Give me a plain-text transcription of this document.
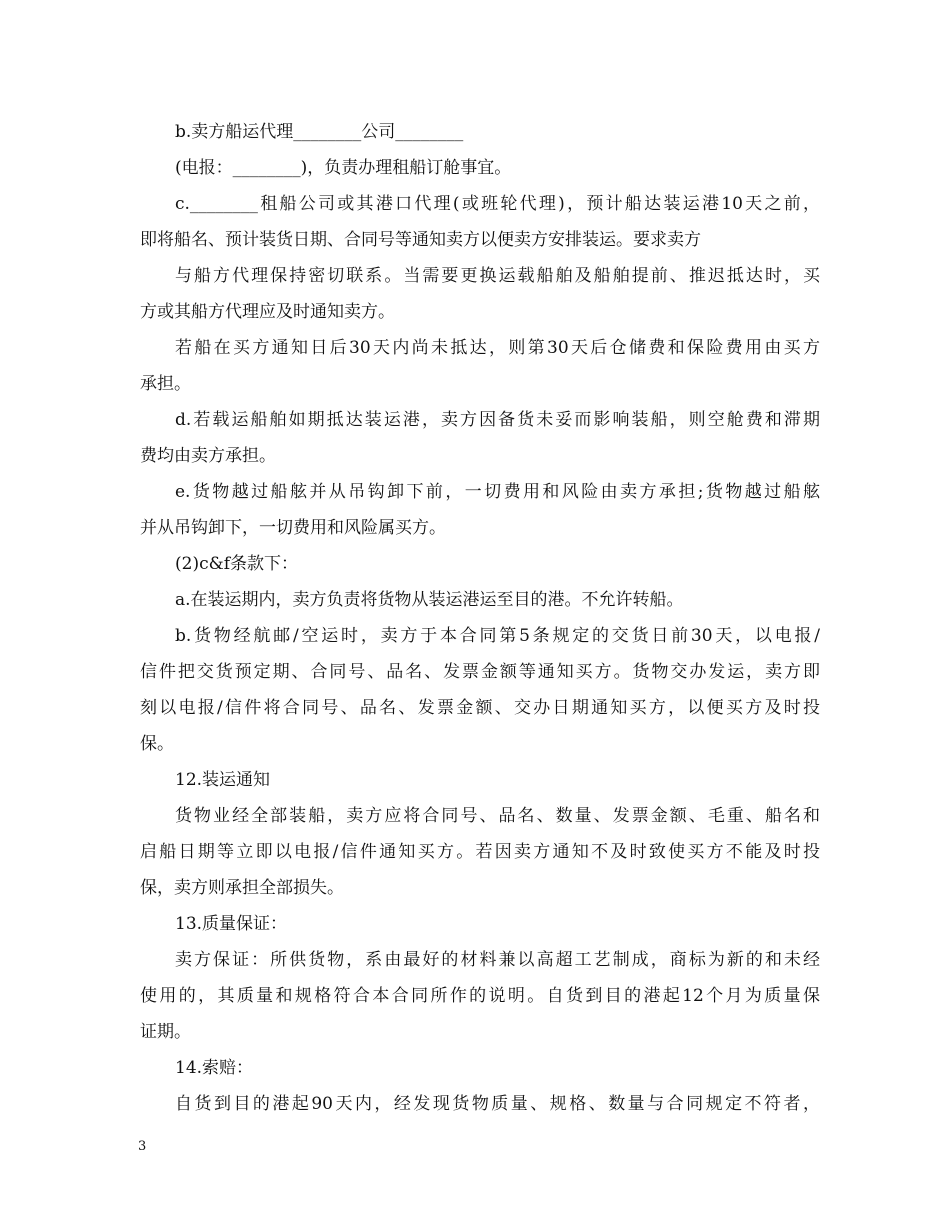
b.卖方船运代理________公司________
(电报：________)，负责办理租船订舱事宜。
c.________租船公司或其港口代理(或班轮代理)，预计船达装运港10天之前，
即将船名、预计装货日期、合同号等通知卖方以便卖方安排装运。要求卖方
与船方代理保持密切联系。当需要更换运载船舶及船舶提前、推迟抵达时，买
方或其船方代理应及时通知卖方。
若船在买方通知日后30天内尚未抵达，则第30天后仓储费和保险费用由买方
承担。
d.若载运船舶如期抵达装运港，卖方因备货未妥而影响装船，则空舱费和滞期
费均由卖方承担。
e.货物越过船舷并从吊钩卸下前，一切费用和风险由卖方承担;货物越过船舷
并从吊钩卸下，一切费用和风险属买方。
(2)c&f条款下：
a.在装运期内，卖方负责将货物从装运港运至目的港。不允许转船。
b.货物经航邮/空运时，卖方于本合同第5条规定的交货日前30天，以电报/
信件把交货预定期、合同号、品名、发票金额等通知买方。货物交办发运，卖方即
刻以电报/信件将合同号、品名、发票金额、交办日期通知买方，以便买方及时投
保。
12.装运通知
货物业经全部装船，卖方应将合同号、品名、数量、发票金额、毛重、船名和
启船日期等立即以电报/信件通知买方。若因卖方通知不及时致使买方不能及时投
保，卖方则承担全部损失。
13.质量保证：
卖方保证：所供货物，系由最好的材料兼以高超工艺制成，商标为新的和未经
使用的，其质量和规格符合本合同所作的说明。自货到目的港起12个月为质量保
证期。
14.索赔：
自货到目的港起90天内，经发现货物质量、规格、数量与合同规定不符者，
3
